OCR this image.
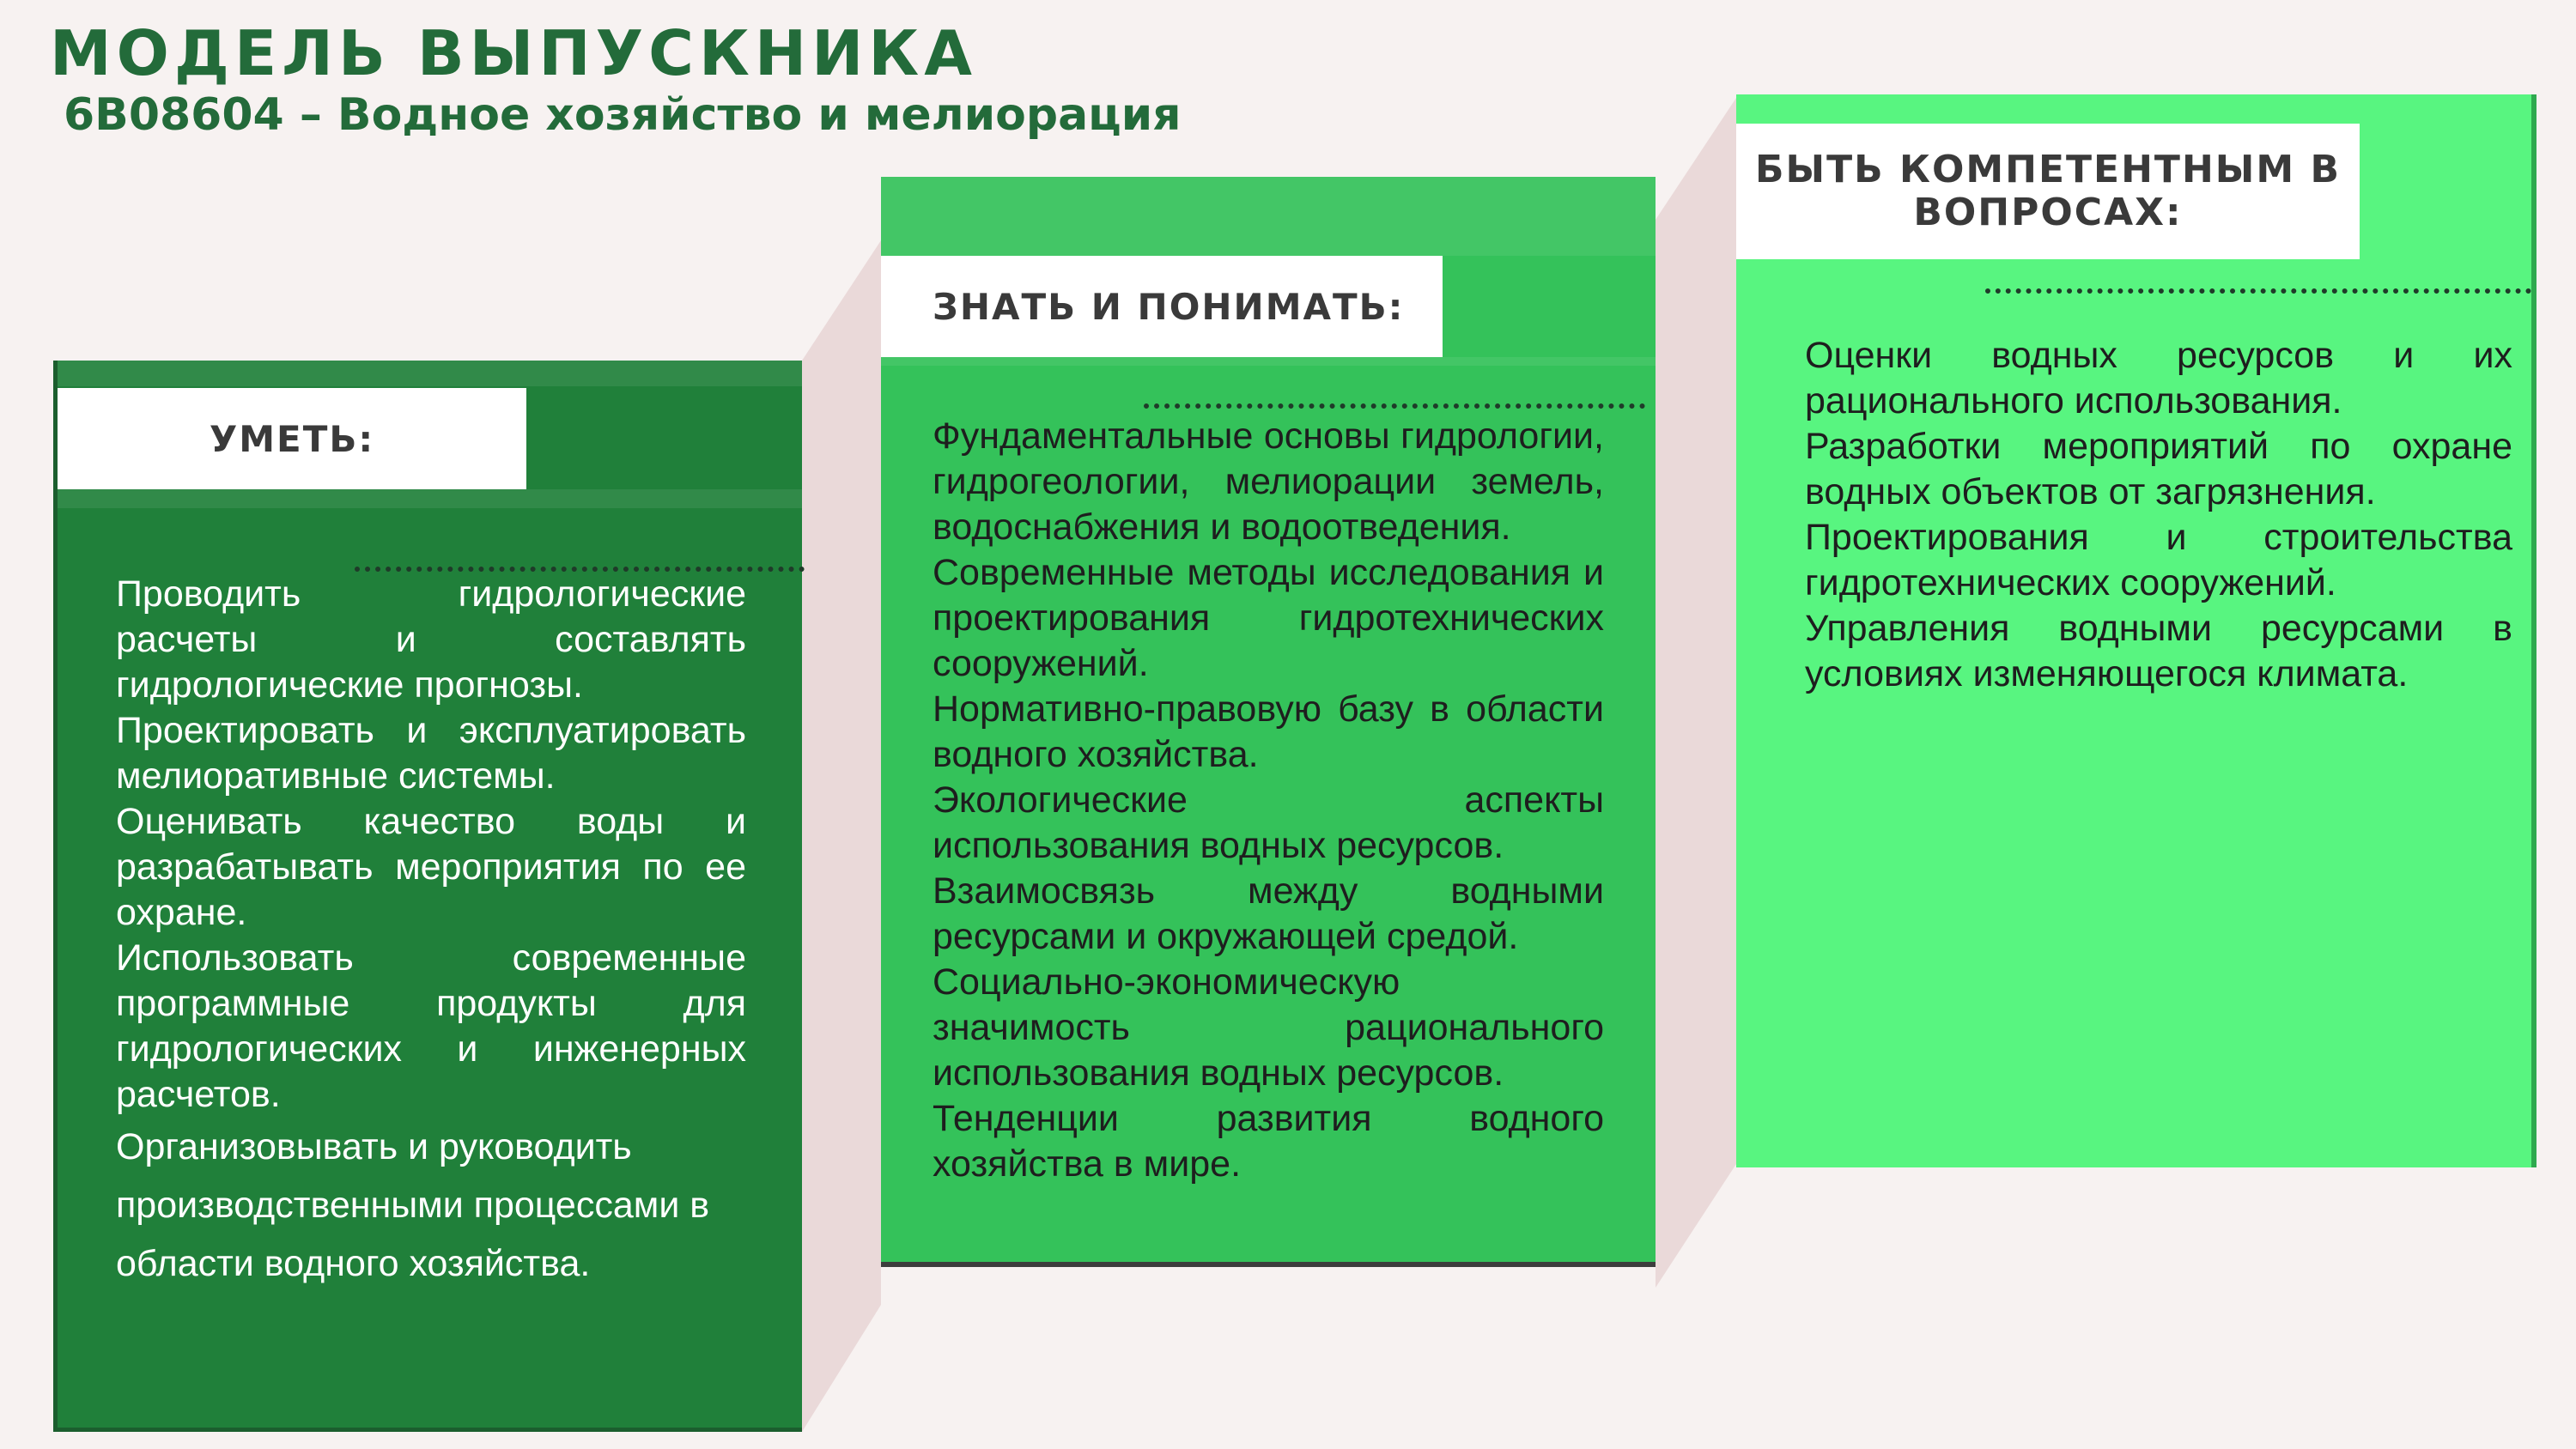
МОДЕЛЬ ВЫПУСКНИКА
6В08604 – Водное хозяйство и мелиорация
УМЕТЬ:

Проводить гидрологические расчеты и составлять гидрологические прогнозы.

Проектировать и эксплуатировать мелиоративные системы.

Оценивать качество воды и разрабатывать мероприятия по ее охране.

Использовать современные программные продукты для гидрологических и инженерных расчетов.

Организовывать и руководить производственными процессами в области водного хозяйства.

ЗНАТЬ И ПОНИМАТЬ:

Фундаментальные основы гидрологии, гидрогеологии, мелиорации земель, водоснабжения и водоотведения.

Современные методы исследования и проектирования гидротехнических сооружений.

Нормативно-правовую базу в области водного хозяйства.

Экологические аспекты использования водных ресурсов.

Взаимосвязь между водными ресурсами и окружающей средой.

Социально-экономическую значимость рационального использования водных ресурсов.

Тенденции развития водного хозяйства в мире.

БЫТЬ КОМПЕТЕНТНЫМ В ВОПРОСАХ:

Оценки водных ресурсов и их рационального использования.

Разработки мероприятий по охране водных объектов от загрязнения.

Проектирования и строительства гидротехнических сооружений.

Управления водными ресурсами в условиях изменяющегося климата.
